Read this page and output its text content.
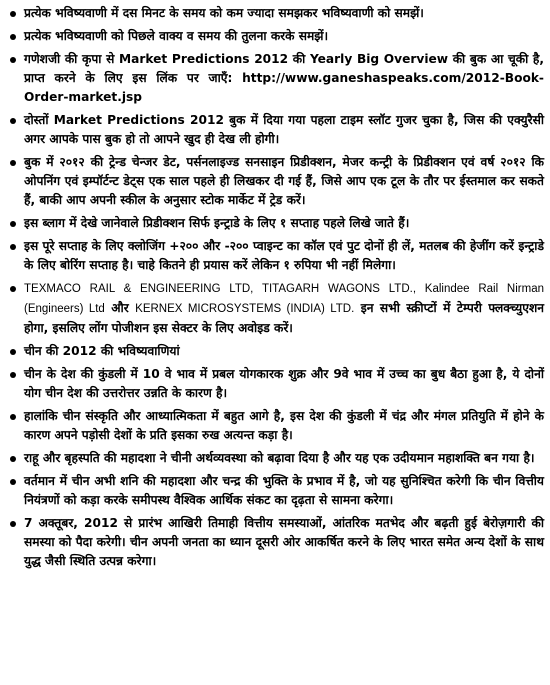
प्रत्येक भविष्यवाणी में दस मिनट के समय को कम ज्यादा समझकर भविष्यवाणी को समझें।
प्रत्येक भविष्यवाणी को पिछले वाक्य व समय की तुलना करके समझें।
गणेशजी की कृपा से Market Predictions 2012 की Yearly Big Overview की बुक आ चूकी है, प्राप्त करने के लिए इस लिंक पर जाएँ: http://www.ganeshaspeaks.com/2012-Book-Order-market.jsp
दोस्तों Market Predictions 2012 बुक में दिया गया पहला टाइम स्लॉट गुजर चुका है, जिस की एक्युरैसी अगर आपके पास बुक हो तो आपने खुद ही देख ली होगी।
बुक में २०१२ की ट्रेन्ड चेन्जर डेट, पर्सनलाइज्ड सनसाइन प्रिडीक्शन, मेजर कन्ट्री के प्रिडीक्शन एवं वर्ष २०१२ कि ओपनिंग एवं इम्पॉर्टन्ट डेट्स एक साल पहले ही लिखकर दी गई हैं, जिसे आप एक टूल के तौर पर ईस्तमाल कर सकते हैं, बाकी आप अपनी स्कील के अनुसार स्टोक मार्केट में ट्रेड करें।
इस ब्लाग में देखे जानेवाले प्रिडीक्शन सिर्फ इन्ट्राडे के लिए १ सप्ताह पहले लिखे जाते हैं।
इस पूरे सप्ताह के लिए क्लोजिंग +२०० और -२०० प्वाइन्ट का कॉल एवं पुट दोनों ही लें, मतलब की हेजींग करें इन्ट्राडे के लिए बोरिंग सप्ताह है। चाहे कितने ही प्रयास करें लेकिन १ रुपिया भी नहीं मिलेगा।
TEXMACO RAIL & ENGINEERING LTD, TITAGARH WAGONS LTD., Kalindee Rail Nirman (Engineers) Ltd और KERNEX MICROSYSTEMS (INDIA) LTD. इन सभी स्क्रीप्टों में टेम्परी फ्लक्च्युएशन होगा, इसलिए लोंग पोजीशन इस सेक्टर के लिए अवोइड करें।
चीन की 2012 की भविष्यवाणियां
चीन के देश की कुंडली में 10 वे भाव में प्रबल योगकारक शुक्र और 9वे भाव में उच्च का बुध बैठा हुआ है, ये दोनों योग चीन देश की उत्तरोत्तर उन्नति के कारण है।
हालांकि चीन संस्कृति और आध्यात्मिकता में बहुत आगे है, इस देश की कुंडली में चंद्र और मंगल प्रतियुति में होने के कारण अपने पड़ोसी देशों के प्रति इसका रुख अत्यन्त कड़ा है।
राहू और बृहस्पति की महादशा ने चीनी अर्थव्यवस्था को बढ़ावा दिया है और यह एक उदीयमान महाशक्ति बन गया है।
वर्तमान में चीन अभी शनि की महादशा और चन्द्र की भुक्ति के प्रभाव में है, जो यह सुनिश्चित करेगी कि चीन वित्तीय नियंत्रणों को कड़ा करके समीपस्थ वैश्विक आर्थिक संकट का दृढ़ता से सामना करेगा।
7 अक्तूबर, 2012 से प्रारंभ आखिरी तिमाही वित्तीय समस्याओं, आंतरिक मतभेद और बढ़ती हुई बेरोज़गारी की समस्या को पैदा करेगी। चीन अपनी जनता का ध्यान दूसरी ओर आकर्षित करने के लिए भारत समेत अन्य देशों के साथ युद्ध जैसी स्थिति उत्पन्न करेगा।
